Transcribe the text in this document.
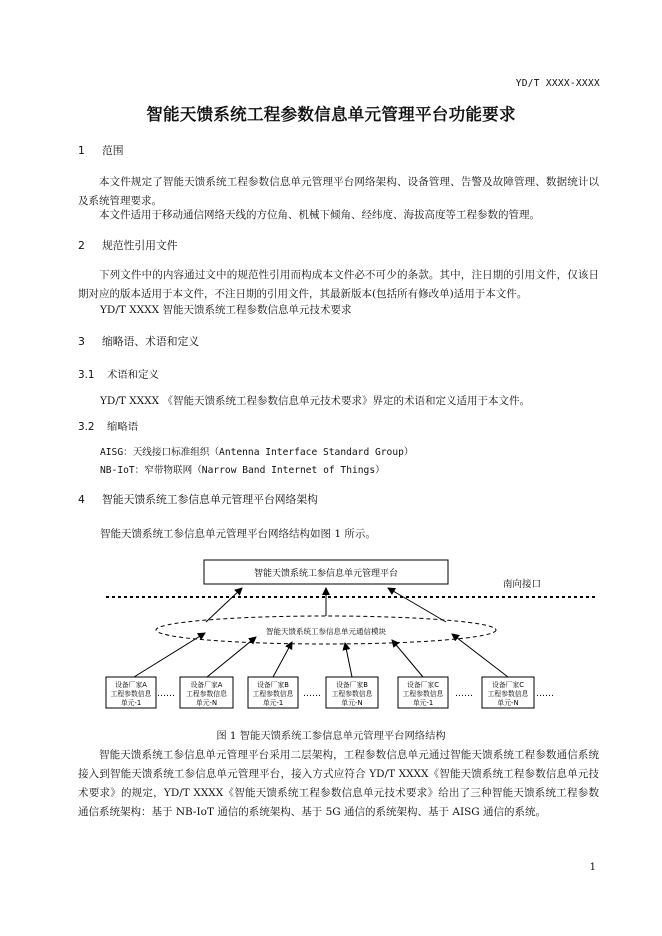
YD/T XXXX-XXXX
智能天馈系统工程参数信息单元管理平台功能要求
1 范围
本文件规定了智能天馈系统工程参数信息单元管理平台网络架构、设备管理、告警及故障管理、数据统计以及系统管理要求。
本文件适用于移动通信网络天线的方位角、机械下倾角、经纬度、海拔高度等工程参数的管理。
2 规范性引用文件
下列文件中的内容通过文中的规范性引用而构成本文件必不可少的条款。其中，注日期的引用文件，仅该日期对应的版本适用于本文件，不注日期的引用文件，其最新版本(包括所有修改单)适用于本文件。
YD/T XXXX 智能天馈系统工程参数信息单元技术要求
3 缩略语、术语和定义
3.1 术语和定义
YD/T XXXX 《智能天馈系统工程参数信息单元技术要求》界定的术语和定义适用于本文件。
3.2 缩略语
AISG：天线接口标准组织（Antenna Interface Standard Group）
NB-IoT：窄带物联网（Narrow Band Internet of Things）
4 智能天馈系统工参信息单元管理平台网络架构
智能天馈系统工参信息单元管理平台网络结构如图 1 所示。
智能天馈系统工参信息单元管理平台
南向接口
智能天馈系统工参信息单元通信模块
设备厂家A
工程参数信息
单元-1
设备厂家A
工程参数信息
单元-N
设备厂家B
工程参数信息
单元-1
设备厂家B
工程参数信息
单元-N
设备厂家C
工程参数信息
单元-1
设备厂家C
工程参数信息
单元-N
……	……	……	……
图 1 智能天馈系统工参信息单元管理平台网络结构
智能天馈系统工参信息单元管理平台采用二层架构，工程参数信息单元通过智能天馈系统工程参数通信系统接入到智能天馈系统工参信息单元管理平台，接入方式应符合 YD/T XXXX《智能天馈系统工程参数信息单元技术要求》的规定，YD/T XXXX《智能天馈系统工程参数信息单元技术要求》给出了三种智能天馈系统工程参数通信系统架构：基于 NB-IoT 通信的系统架构、基于 5G 通信的系统架构、基于 AISG 通信的系统。
1
